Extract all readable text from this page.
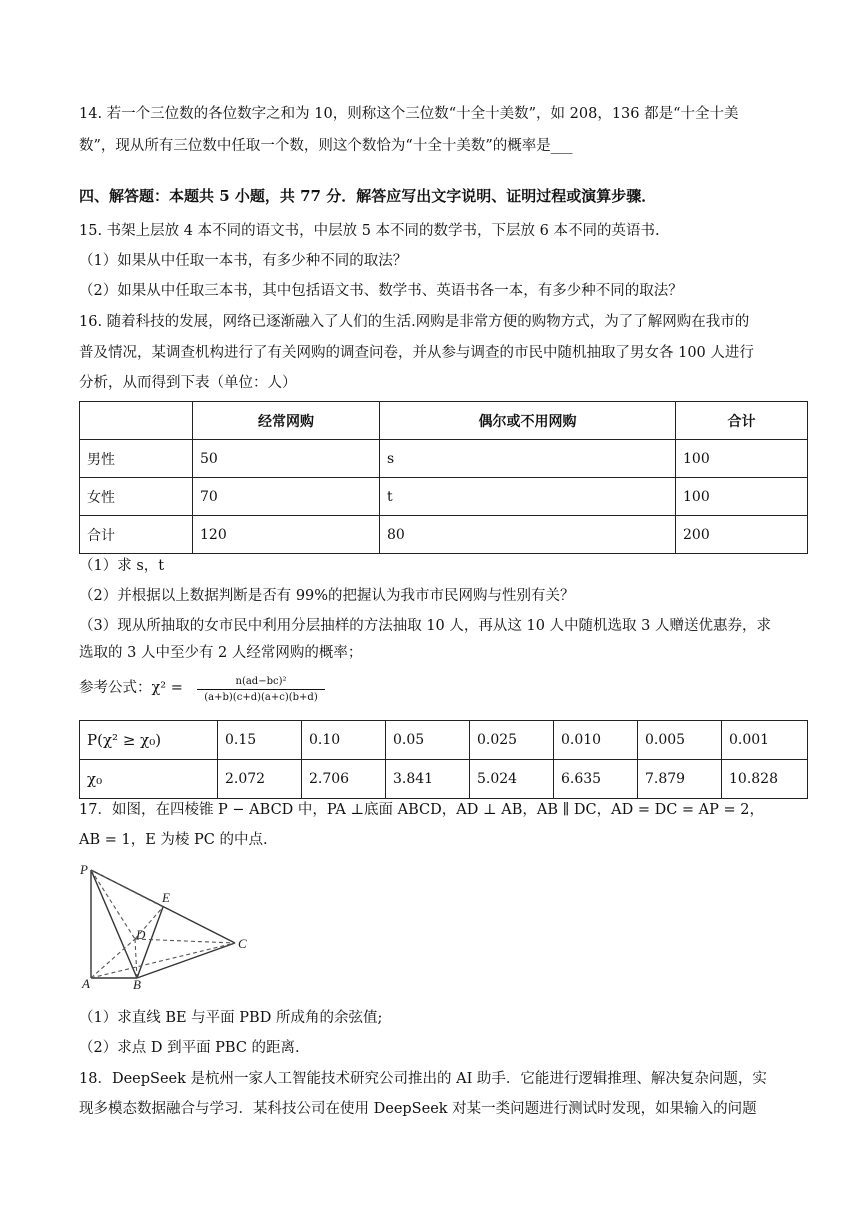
14. 若一个三位数的各位数字之和为 10，则称这个三位数“十全十美数”，如 208，136 都是“十全十美
数”，现从所有三位数中任取一个数，则这个数恰为“十全十美数”的概率是___
四、解答题：本题共 5 小题，共 77 分．解答应写出文字说明、证明过程或演算步骤．
15. 书架上层放 4 本不同的语文书，中层放 5 本不同的数学书，下层放 6 本不同的英语书.
（1）如果从中任取一本书，有多少种不同的取法？
（2）如果从中任取三本书，其中包括语文书、数学书、英语书各一本，有多少种不同的取法？
16. 随着科技的发展，网络已逐渐融入了人们的生活.网购是非常方便的购物方式，为了了解网购在我市的
普及情况，某调查机构进行了有关网购的调查问卷，并从参与调查的市民中随机抽取了男女各 100 人进行
分析，从而得到下表（单位：人）
	经常网购	偶尔或不用网购	合计
男性	50	s	100
女性	70	t	100
合计	120	80	200
（1）求 s，t
（2）并根据以上数据判断是否有 99%的把握认为我市市民网购与性别有关？
（3）现从所抽取的女市民中利用分层抽样的方法抽取 10 人，再从这 10 人中随机选取 3 人赠送优惠券，求
选取的 3 人中至少有 2 人经常网购的概率；
参考公式：$\chi^2 = \frac{\text{n(ad−bc)²}}{(a+b)(c+d)(a+c)(b+d)}$
P(χ² ≥ χ₀)	0.15	0.10	0.05	0.025	0.010	0.005	0.001
χ₀	2.072	2.706	3.841	5.024	6.635	7.879	10.828
17．如图，在四棱锥 P − ABCD 中，PA ⊥底面 ABCD，AD ⊥ AB，AB ∥ DC，AD = DC = AP = 2，
AB = 1，E 为棱 PC 的中点.
P
E
D
C
A	B
（1）求直线 BE 与平面 PBD 所成角的余弦值;
（2）求点 D 到平面 PBC 的距离.
18．DeepSeek 是杭州一家人工智能技术研究公司推出的 AI 助手．它能进行逻辑推理、解决复杂问题，实
现多模态数据融合与学习．某科技公司在使用 DeepSeek 对某一类问题进行测试时发现，如果输入的问题
